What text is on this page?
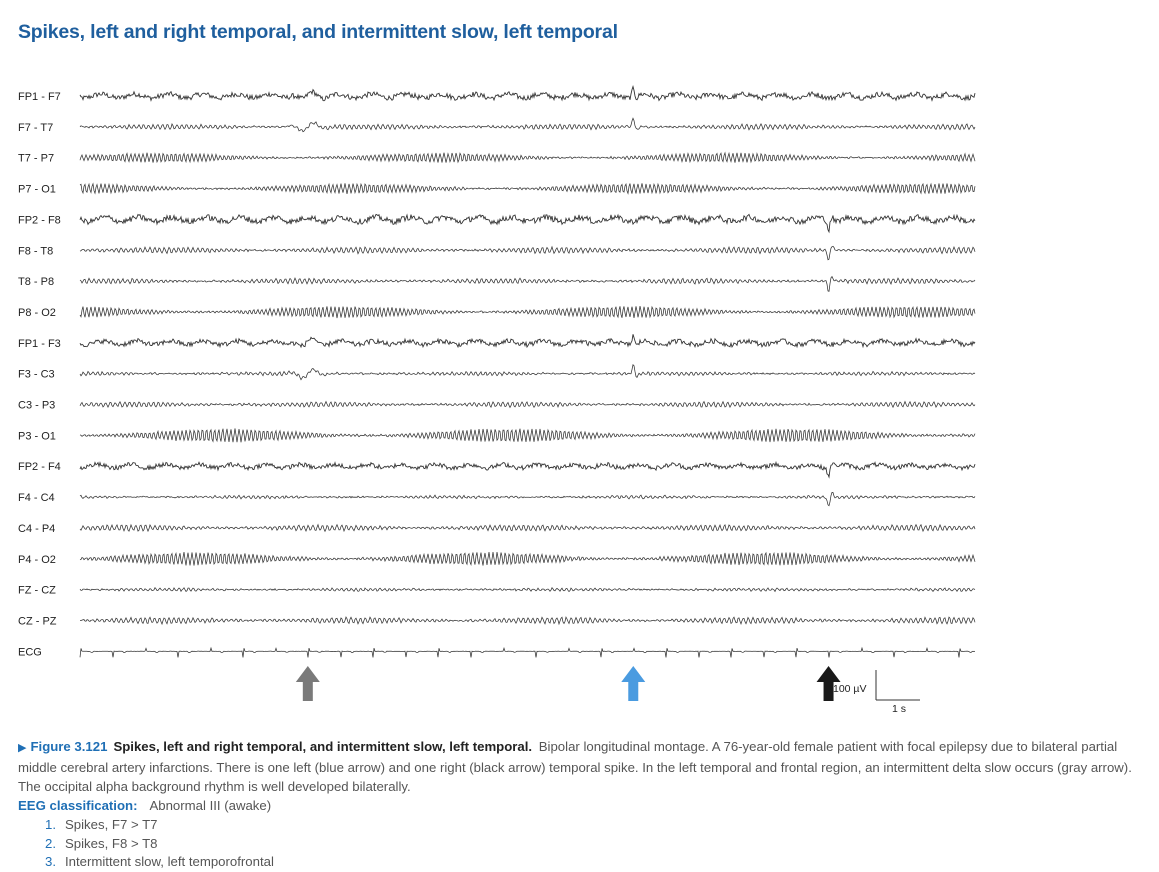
Spikes, left and right temporal, and intermittent slow, left temporal
FP1 - F7
F7 - T7
T7 - P7
P7 - O1
FP2 - F8
F8 - T8
T8 - P8
P8 - O2
FP1 - F3
F3 - C3
C3 - P3
P3 - O1
FP2 - F4
F4 - C4
C4 - P4
P4 - O2
FZ - CZ
CZ - PZ
ECG
100 µV
1 s

▶ Figure 3.121 Spikes, left and right temporal, and intermittent slow, left temporal. Bipolar longitudinal montage. A 76-year-old female patient with focal epilepsy due to bilateral partial middle cerebral artery infarctions. There is one left (blue arrow) and one right (black arrow) temporal spike. In the left temporal and frontal region, an intermittent delta slow occurs (gray arrow). The occipital alpha background rhythm is well developed bilaterally.

EEG classification: Abnormal III (awake)
1. Spikes, F7 > T7
2. Spikes, F8 > T8
3. Intermittent slow, left temporofrontal
